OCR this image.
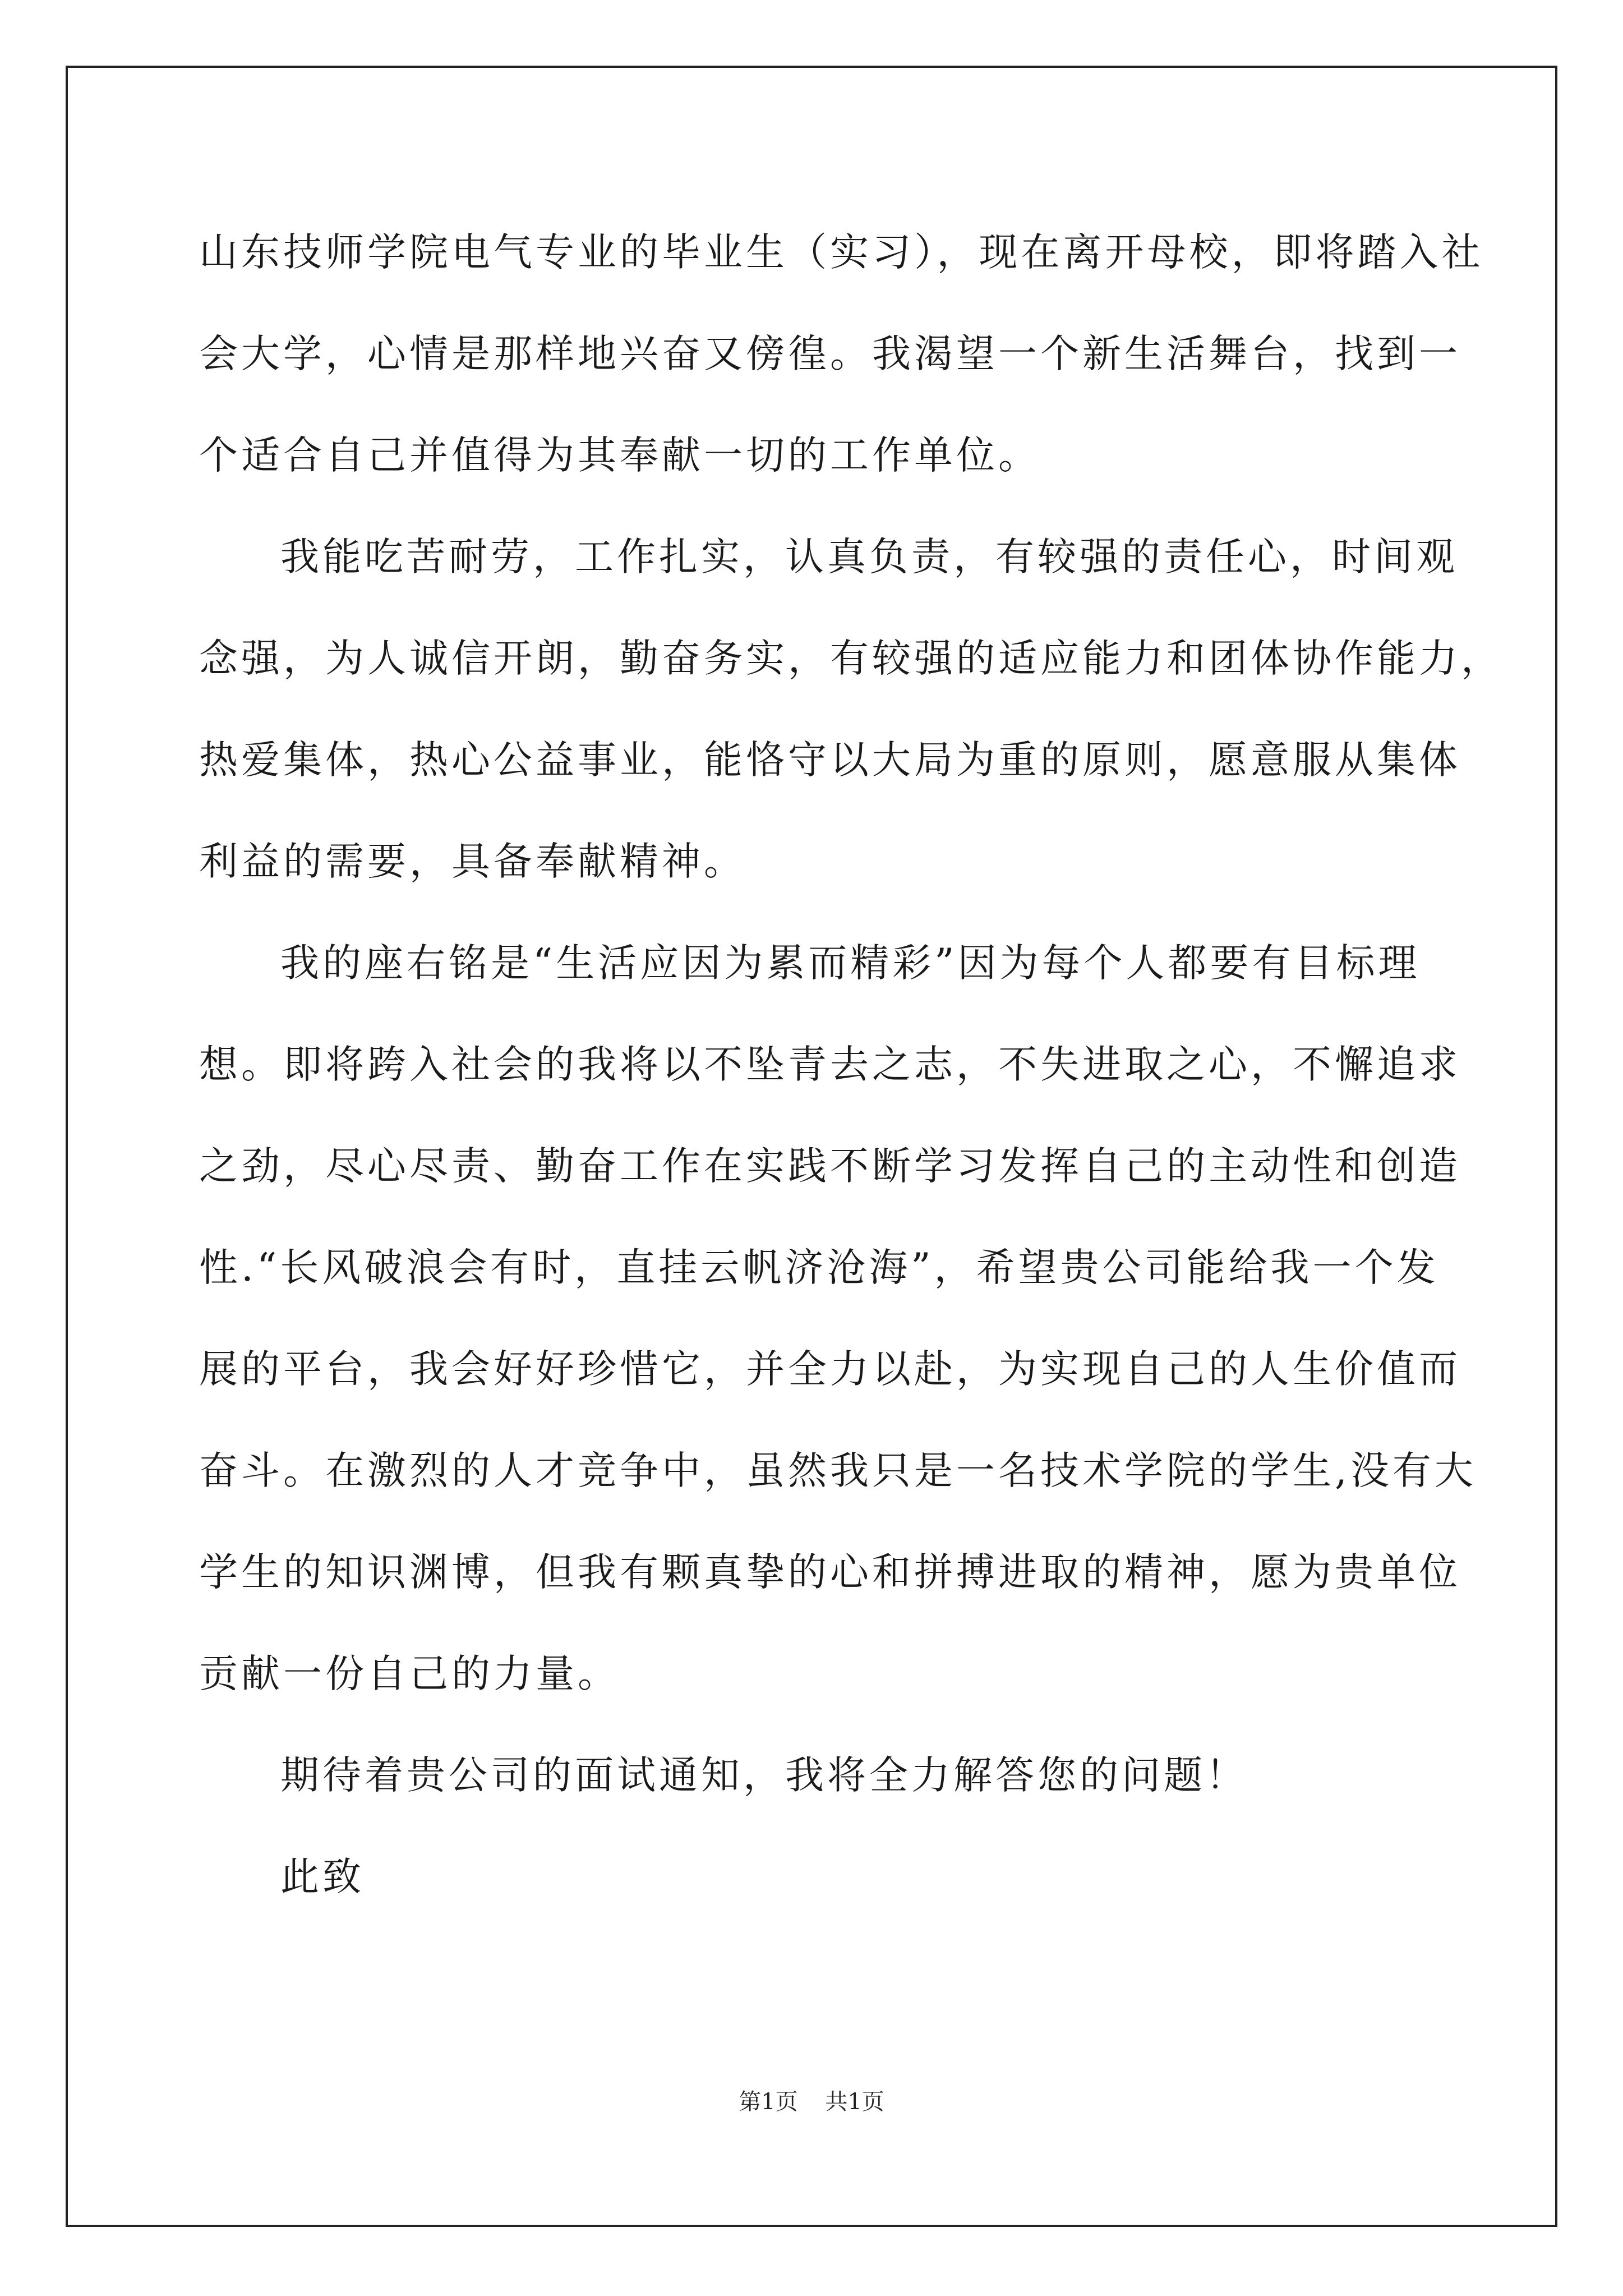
山东技师学院电气专业的毕业生（实习），现在离开母校，即将踏入社
会大学，心情是那样地兴奋又傍徨。我渴望一个新生活舞台，找到一
个适合自己并值得为其奉献一切的工作单位。
我能吃苦耐劳，工作扎实，认真负责，有较强的责任心，时间观
念强，为人诚信开朗，勤奋务实，有较强的适应能力和团体协作能力，
热爱集体，热心公益事业，能恪守以大局为重的原则，愿意服从集体
利益的需要，具备奉献精神。
我的座右铭是“生活应因为累而精彩”因为每个人都要有目标理
想。即将跨入社会的我将以不坠青去之志，不失进取之心，不懈追求
之劲，尽心尽责、勤奋工作在实践不断学习发挥自己的主动性和创造
性.“长风破浪会有时，直挂云帆济沧海”，希望贵公司能给我一个发
展的平台，我会好好珍惜它，并全力以赴，为实现自己的人生价值而
奋斗。在激烈的人才竞争中，虽然我只是一名技术学院的学生,没有大
学生的知识渊博，但我有颗真挚的心和拼搏进取的精神，愿为贵单位
贡献一份自己的力量。
期待着贵公司的面试通知，我将全力解答您的问题！
此致
第1页 共1页
